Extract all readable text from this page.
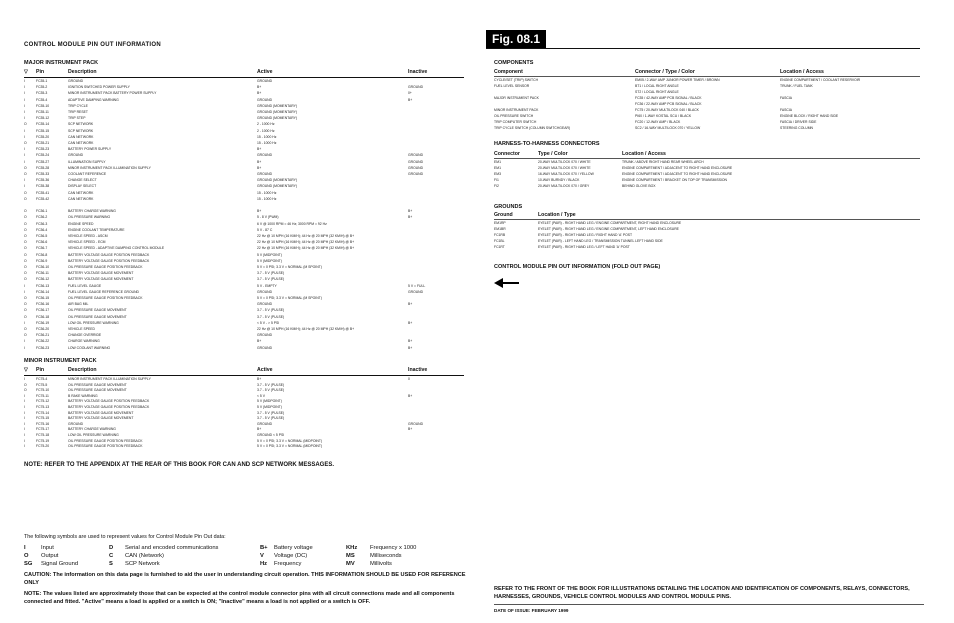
CONTROL MODULE PIN OUT INFORMATION
MAJOR INSTRUMENT PACK
▽ Pin	Description	Active	Inactive
I	FC35-1	GROUND	GROUND
I	FC35-2	IGNITION SWITCHED POWER SUPPLY	B+	GROUND
I	FC35-3	MINOR INSTRUMENT PACK BATTERY POWER SUPPLY	B+	0+
I	FC35-4	ADAPTIVE DAMPING WARNING	GROUND	B+
I	FC35-10	TRIP CYCLE	GROUND (MOMENTARY)
I	FC35-11	TRIP RESET	GROUND (MOMENTARY)
I	FC35-12	TRIP STEP	GROUND (MOMENTARY)
O	FC35-14	SCP NETWORK	2 - 1000 Hz
I	FC35-15	SCP NETWORK	2 - 1000 Hz
I	FC35-20	CAN NETWORK	15 - 1000 Hz
O	FC35-21	CAN NETWORK	15 - 1000 Hz
I	FC35-23	BATTERY POWER SUPPLY	B+
I	FC35-24	GROUND	GROUND	GROUND
I	FC35-27	ILLUMINATION SUPPLY	B+	GROUND
O	FC35-28	MINOR INSTRUMENT PACK ILLUMINATION SUPPLY	B+	GROUND
O	FC35-33	COOLANT REFERENCE	GROUND	GROUND
I	FC35-36	CHANGE SELECT	GROUND (MOMENTARY)
I	FC35-38	DISPLAY SELECT	GROUND (MOMENTARY)
O	FC35-41	CAN NETWORK	15 - 1000 Hz
O	FC35-42	CAN NETWORK	15 - 1000 Hz
O	FC36-1	BATTERY CHARGE WARNING	B+	B+
O	FC36-2	OIL PRESSURE WARNING	5 - 8 V (PWM)	B+
O	FC36-3	ENGINE SPEED	6 V @ 1000 RPM = 46 Hz; 3000 RPM = 92 Hz
O	FC36-4	ENGINE COOLANT TEMPERATURE	5 V - 87 C
O	FC36-5	VEHICLE SPEED - ASCM	22 Hz @ 10 MPH (16 KM/H); 44 Hz @ 20 MPH (32 KM/H) @ B+
O	FC36-6	VEHICLE SPEED - ECM	22 Hz @ 10 MPH (16 KM/H); 44 Hz @ 20 MPH (32 KM/H) @ B+
O	FC36-7	VEHICLE SPEED - ADAPTIVE DAMPING CONTROL MODULE	22 Hz @ 10 MPH (16 KM/H); 44 Hz @ 20 MPH (32 KM/H) @ B+
O	FC36-8	BATTERY VOLTAGE GAUGE POSITION FEEDBACK	5 V (MIDPOINT)
O	FC36-9	BATTERY VOLTAGE GAUGE POSITION FEEDBACK	5 V (MIDPOINT)
O	FC36-10	OIL PRESSURE GAUGE POSITION FEEDBACK	5 V = 0 PSI; 3.3 V = NORMAL (M SPOINT)
O	FC36-11	BATTERY VOLTAGE GAUGE MOVEMENT	3.7 - 5 V (PULSE)
O	FC36-12	BATTERY VOLTAGE GAUGE MOVEMENT	3.7 - 5 V (PULSE)
I	FC36-13	FUEL LEVEL GAUGE	5 V - EMPTY	5 V = FULL
I	FC36-14	FUEL LEVEL GAUGE REFERENCE GROUND	GROUND	GROUND
O	FC36-15	OIL PRESSURE GAUGE POSITION FEEDBACK	5 V = 0 PSI; 3.3 V = NORMAL (M SPOINT)
O	FC36-16	AIR BAG MIL	GROUND	B+
O	FC36-17	OIL PRESSURE GAUGE MOVEMENT	3.7 - 5 V (PULSE)
O	FC36-18	OIL PRESSURE GAUGE MOVEMENT	3.7 - 5 V (PULSE)
I	FC36-19	LOW OIL PRESSURE WARNING	< 5 V - > 5 PSI	B+
O	FC36-20	VEHICLE SPEED	22 Hz @ 10 MPH (16 KM/H); 44 Hz @ 20 MPH (32 KM/H) @ B+
O	FC36-21	CHANGE OVERRIDE	GROUND
I	FC36-22	CHARGE WARNING	B+	B+
I	FC36-23	LOW COOLANT WARNING	GROUND	B+
MINOR INSTRUMENT PACK
▽ Pin	Description	Active	Inactive
I	FC75-4	MINOR INSTRUMENT PACK ILLUMINATION SUPPLY	B+	0
O	FC75-5	OIL PRESSURE GAUGE MOVEMENT	3.7 - 5 V (PULSE)
O	FC75-10	OIL PRESSURE GAUGE MOVEMENT	3.7 - 5 V (PULSE)
I	FC75-11	B RAKE WARNING	< 5 V	B+
I	FC75-12	BATTERY VOLTAGE GAUGE POSITION FEEDBACK	5 V (MIDPOINT)
I	FC75-13	BATTERY VOLTAGE GAUGE POSITION FEEDBACK	5 V (MIDPOINT)
I	FC75-14	BATTERY VOLTAGE GAUGE MOVEMENT	3.7 - 5 V (PULSE)
I	FC75-15	BATTERY VOLTAGE GAUGE MOVEMENT	3.7 - 5 V (PULSE)
I	FC75-16	GROUND	GROUND	GROUND
I	FC75-17	BATTERY CHARGE WARNING	B+	B+
I	FC75-18	LOW OIL PRESSURE WARNING	GROUND < 5 PSI
I	FC75-19	OIL PRESSURE GAUGE POSITION FEEDBACK	5 V = 0 PSI; 3.3 V = NORMAL (MIDPOINT)
I	FC75-20	OIL PRESSURE GAUGE POSITION FEEDBACK	5 V = 0 PSI; 3.3 V = NORMAL (MIDPOINT)
NOTE: REFER TO THE APPENDIX AT THE REAR OF THIS BOOK FOR CAN AND SCP NETWORK MESSAGES.
The following symbols are used to represent values for Control Module Pin Out data:
I	Input	D Serial and encoded communications	B+ Battery voltage	KHz Frequency x 1000
O Output	C CAN (Network)	V Voltage (DC)	MS	Milliseconds
SG Signal Ground	S SCP Network	Hz Frequency	MV	Millivolts
CAUTION: The information on this data page is furnished to aid the user in understanding circuit operation. THIS INFORMATION SHOULD BE USED FOR REFERENCE ONLY
NOTE: The values listed are approximately those that can be expected at the control module connector pins with all circuit connections made and all components connected and fitted. "Active" means a load is applied or a switch is ON; "Inactive" means a load is not applied or a switch is OFF.
Fig. 08.1
COMPONENTS
Component	Connector / Type / Color	Location / Access
CYCLE/SET (TRIP) SWITCH	EM05 / 2-WAY AMP JUNIOR POWER TIMER / BROWN	ENGINE COMPARTMENT / COOLANT RESERVOIR
FUEL LEVEL SENSOR	BT1 / LOCAL RIGHT ANGLE	TRUNK / FUEL TANK
ST2 / LOCAL RIGHT ANGLE
MAJOR INSTRUMENT PACK	FC35 / 42-WAY AMP PCB SIGNAL / BLACK	FASCIA
FC36 / 22-WAY AMP PCB SIGNAL / BLACK
MINOR INSTRUMENT PACK	FC75 / 20-WAY MULTILOCK 040 / BLACK	FASCIA
OIL PRESSURE SWITCH	PI60 / 1-WAY KOSTAL SCU / BLACK	ENGINE BLOCK / RIGHT HAND SIDE
TRIP COMPUTER SWITCH	FC20 / 12-WAY AMP / BLACK	FASCIA / DRIVER SIDE
TRIP CYCLE SWITCH (COLUMN SWITCHGEAR)	SC2 / 16-WAY MULTILOCK 070 / YELLOW	STEERING COLUMN
HARNESS-TO-HARNESS CONNECTORS
Connector	Type / Color	Location / Access
EM1	20-WAY MULTILOCK 070 / WHITE	TRUNK / ABOVE RIGHT HAND REAR WHEEL ARCH
EM1	20-WAY MULTILOCK 070 / WHITE	ENGINE COMPARTMENT / ADJACENT TO RIGHT HAND ENCLOSURE
EM3	16-WAY MULTILOCK 070 / YELLOW	ENGINE COMPARTMENT / ADJACENT TO RIGHT HAND ENCLOSURE
FI1	10-WAY BURNDY / BLACK	ENGINE COMPARTMENT / BRACKET ON TOP OF TRANSMISSION
FI2	20-WAY MULTILOCK 070 / GREY	BEHIND GLOVE BOX
GROUNDS
Ground	Location / Type
EM1RP	EYELET (PAIR) - RIGHT HAND LEG / ENGINE COMPARTMENT, RIGHT HAND ENCLOSURE
EM1BR	EYELET (PAIR) - RIGHT HAND LEG / ENGINE COMPARTMENT, LEFT HAND ENCLOSURE
FC1RB	EYELET (PAIR) - RIGHT HAND LEG / RIGHT HAND 'A' POST
FC1BL	EYELET (PAIR) - LEFT HAND LEG / TRANSMISSION TUNNEL LEFT HAND SIDE
FC1RT	EYELET (PAIR) - RIGHT HAND LEG / LEFT HAND 'A' POST
CONTROL MODULE PIN OUT INFORMATION (FOLD OUT PAGE)
REFER TO THE FRONT OF THE BOOK FOR ILLUSTRATIONS DETAILING THE LOCATION AND IDENTIFICATION OF COMPONENTS, RELAYS, CONNECTORS, HARNESSES, GROUNDS, VEHICLE CONTROL MODULES AND CONTROL MODULE PINS.
DATE OF ISSUE: FEBRUARY 1999
